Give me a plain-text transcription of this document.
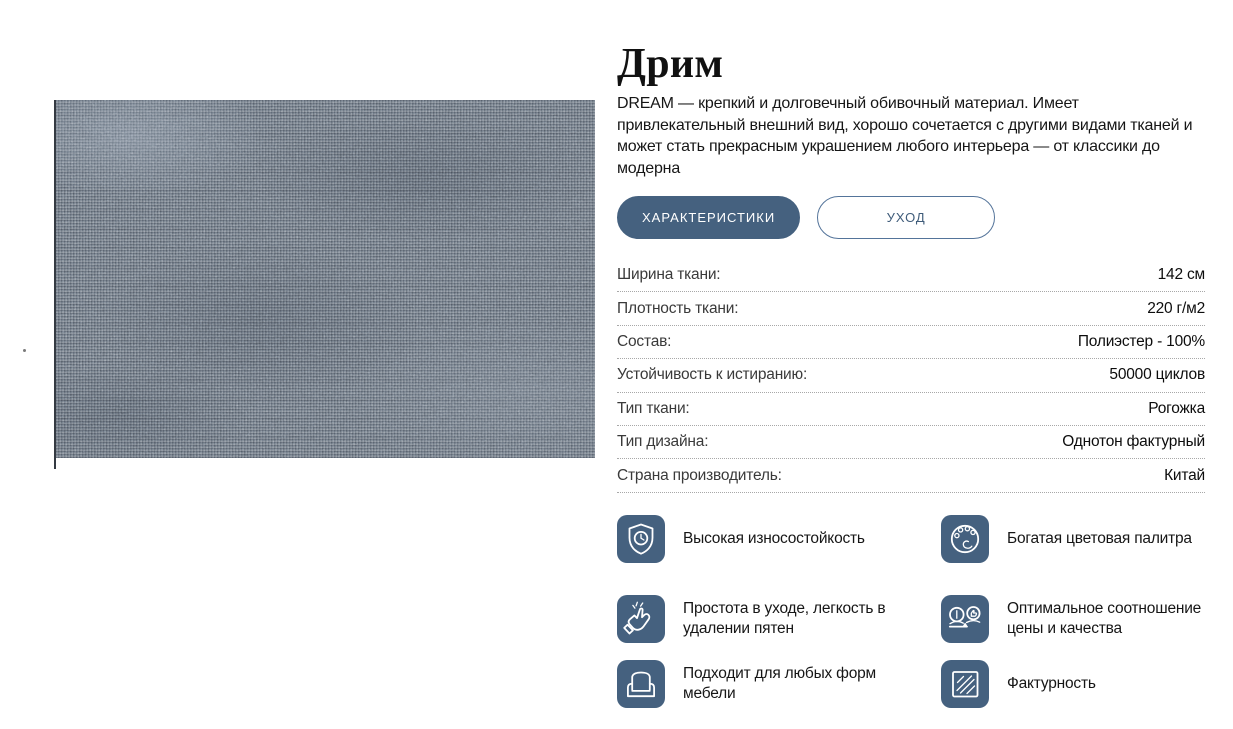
Дрим

DREAM — крепкий и долговечный обивочный материал. Имеет привлекательный внешний вид, хорошо сочетается с другими видами тканей и может стать прекрасным украшением любого интерьера — от классики до модерна

ХАРАКТЕРИСТИКИ	УХОД
Ширина ткани:	142 см
Плотность ткани:	220 г/м2
Состав:	Полиэстер - 100%
Устойчивость к истиранию:	50000 циклов
Тип ткани:	Рогожка
Тип дизайна:	Однотон фактурный
Страна производитель:	Китай
Высокая износостойкость	Богатая цветовая палитра
Простота в уходе, легкость в удалении пятен
Оптимальное соотношение цены и качества
Подходит для любых форм мебели
Фактурность
